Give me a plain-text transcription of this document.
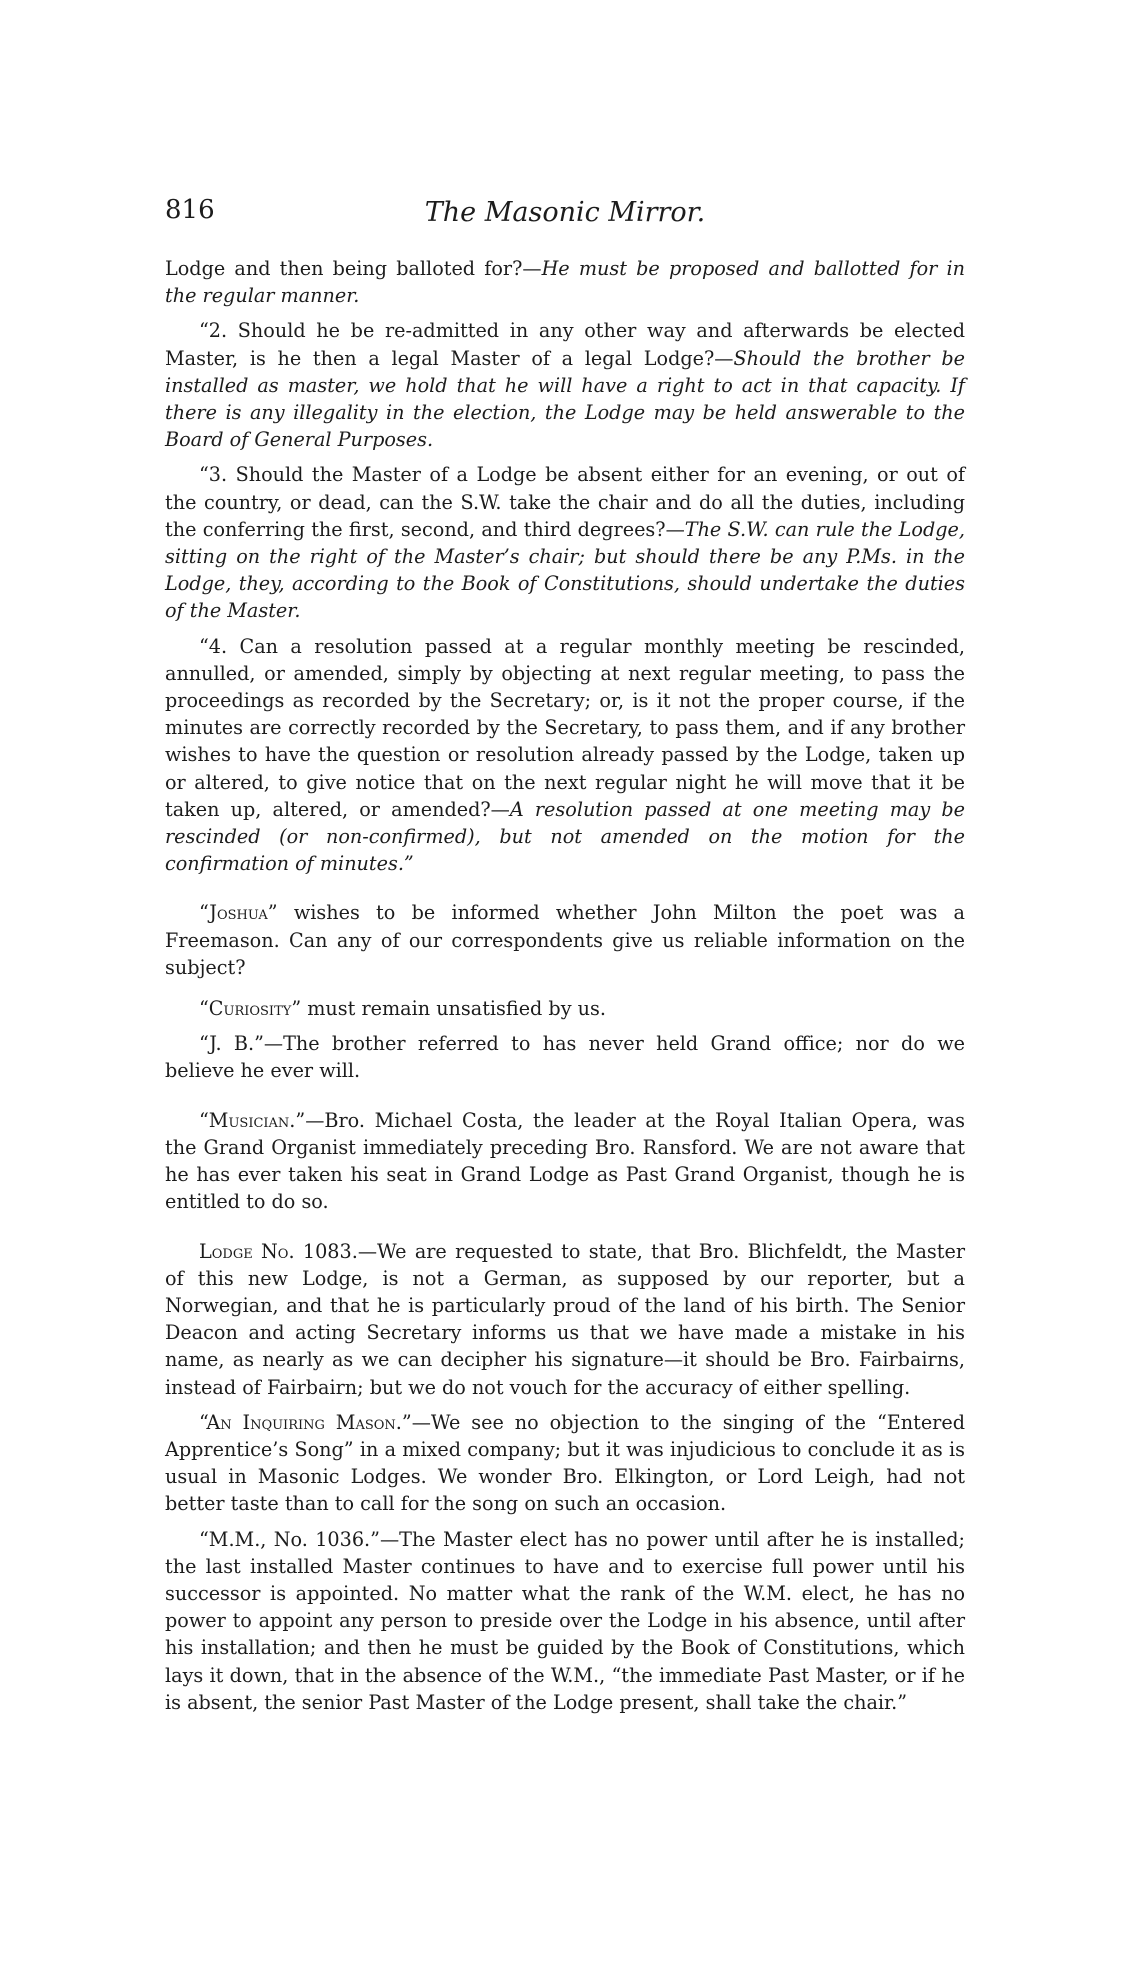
816	The Masonic Mirror.

Lodge and then being balloted for?—He must be proposed and ballotted for in the regular manner.

“2. Should he be re-admitted in any other way and afterwards be elected Master, is he then a legal Master of a legal Lodge?—Should the brother be installed as master, we hold that he will have a right to act in that capacity. If there is any illegality in the election, the Lodge may be held answerable to the Board of General Purposes.

“3. Should the Master of a Lodge be absent either for an evening, or out of the country, or dead, can the S.W. take the chair and do all the duties, including the conferring the first, second, and third degrees?—The S.W. can rule the Lodge, sitting on the right of the Master’s chair; but should there be any P.Ms. in the Lodge, they, according to the Book of Constitutions, should undertake the duties of the Master.

“4. Can a resolution passed at a regular monthly meeting be rescinded, annulled, or amended, simply by objecting at next regular meeting, to pass the proceedings as recorded by the Secretary; or, is it not the proper course, if the minutes are correctly recorded by the Secretary, to pass them, and if any brother wishes to have the question or resolution already passed by the Lodge, taken up or altered, to give notice that on the next regular night he will move that it be taken up, altered, or amended?—A resolution passed at one meeting may be rescinded (or non-confirmed), but not amended on the motion for the confirmation of minutes.”

“Joshua” wishes to be informed whether John Milton the poet was a Freemason. Can any of our correspondents give us reliable information on the subject?

“Curiosity” must remain unsatisfied by us.

“J. B.”—The brother referred to has never held Grand office; nor do we believe he ever will.

“Musician.”—Bro. Michael Costa, the leader at the Royal Italian Opera, was the Grand Organist immediately preceding Bro. Ransford. We are not aware that he has ever taken his seat in Grand Lodge as Past Grand Organist, though he is entitled to do so.

Lodge No. 1083.—We are requested to state, that Bro. Blichfeldt, the Master of this new Lodge, is not a German, as supposed by our reporter, but a Norwegian, and that he is particularly proud of the land of his birth. The Senior Deacon and acting Secretary informs us that we have made a mistake in his name, as nearly as we can decipher his signature—it should be Bro. Fairbairns, instead of Fairbairn; but we do not vouch for the accuracy of either spelling.

“An Inquiring Mason.”—We see no objection to the singing of the “Entered Apprentice’s Song” in a mixed company; but it was injudicious to conclude it as is usual in Masonic Lodges. We wonder Bro. Elkington, or Lord Leigh, had not better taste than to call for the song on such an occasion.

“M.M., No. 1036.”—The Master elect has no power until after he is installed; the last installed Master continues to have and to exercise full power until his successor is appointed. No matter what the rank of the W.M. elect, he has no power to appoint any person to preside over the Lodge in his absence, until after his installation; and then he must be guided by the Book of Constitutions, which lays it down, that in the absence of the W.M., “the immediate Past Master, or if he is absent, the senior Past Master of the Lodge present, shall take the chair.”
